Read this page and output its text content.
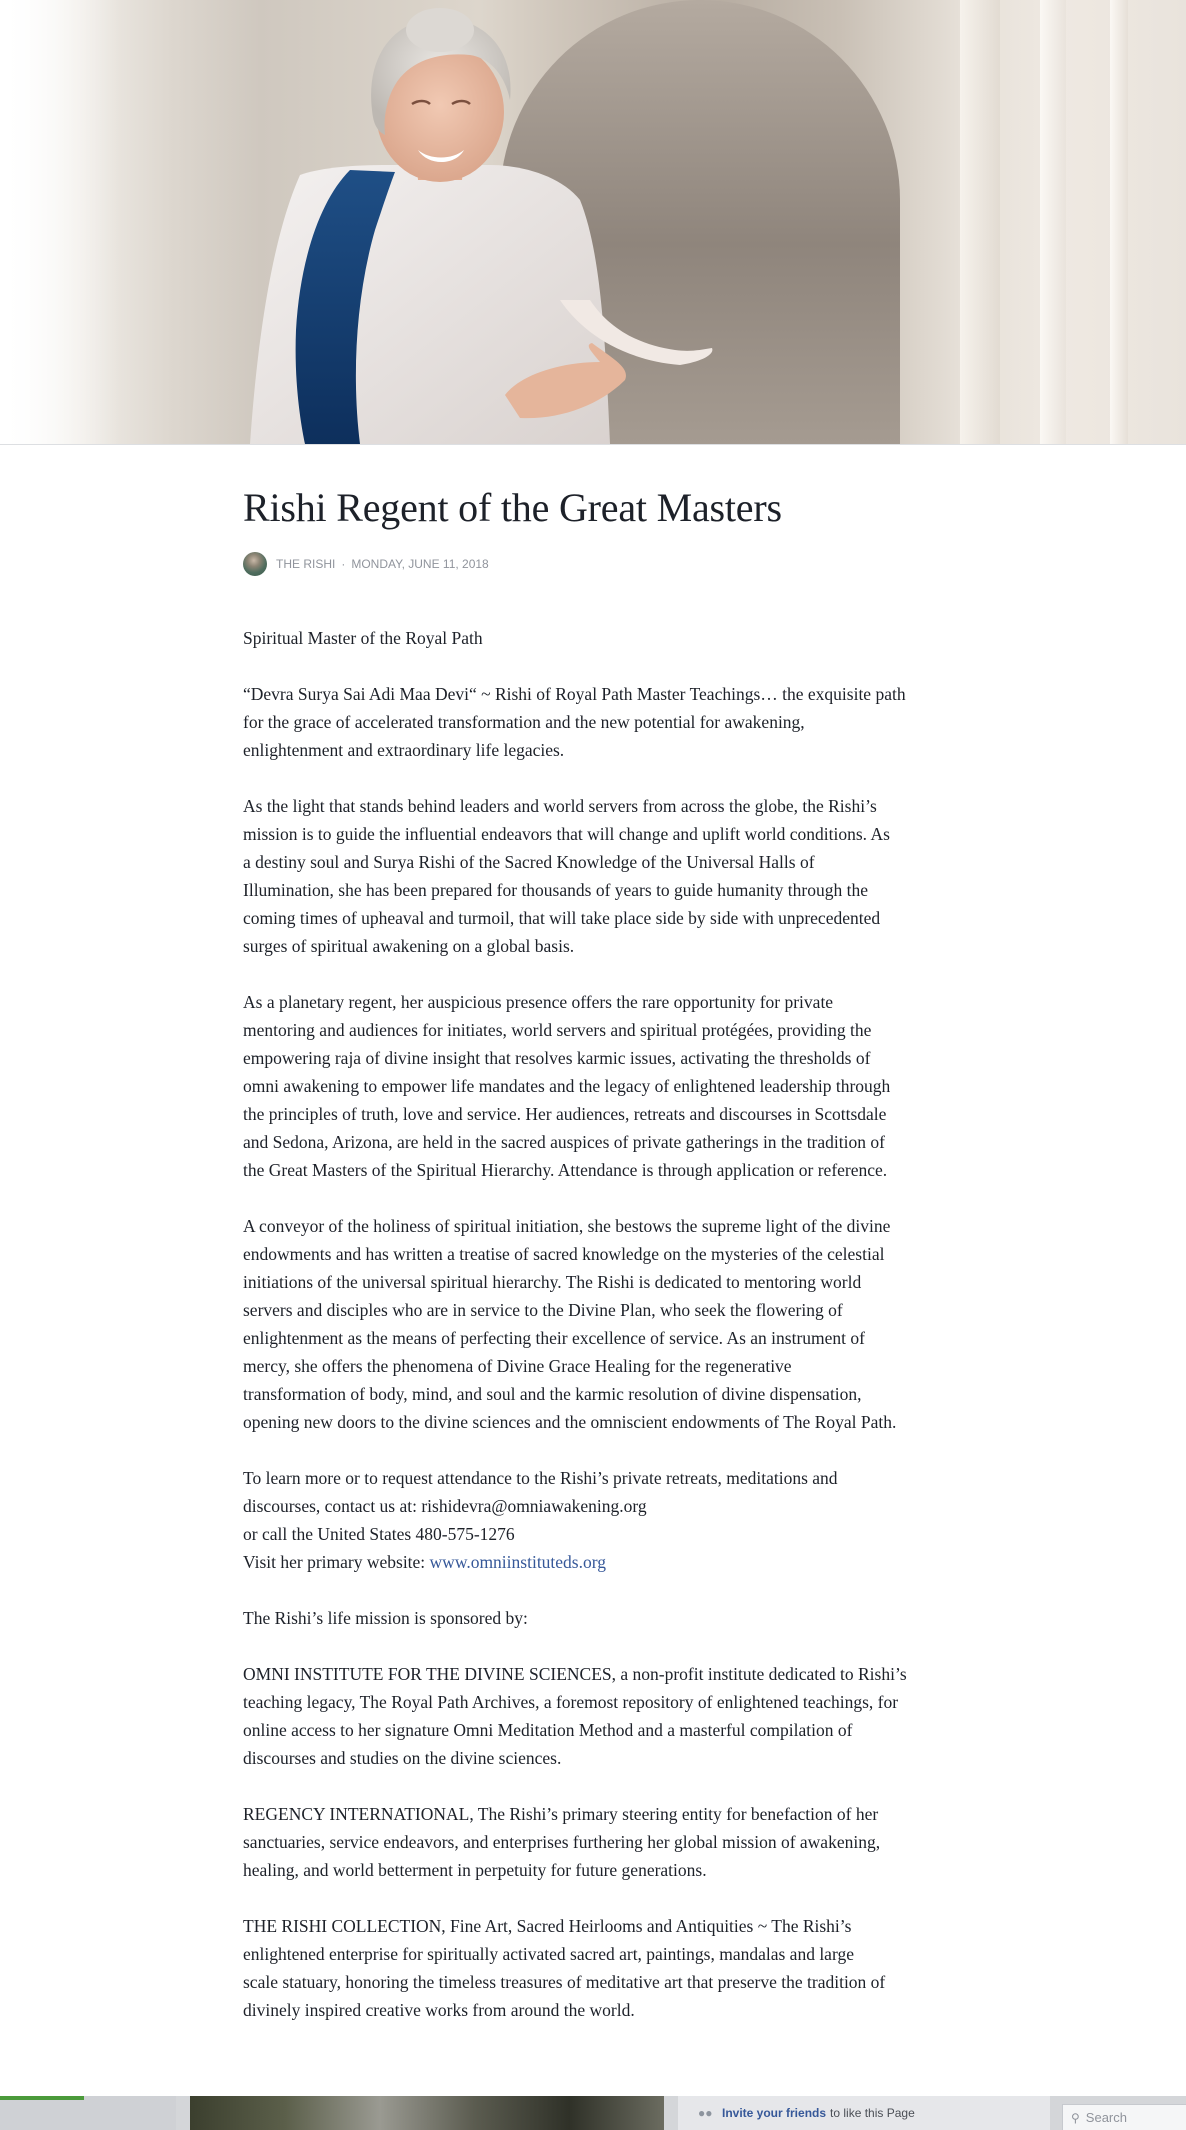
Rishi Regent of the Great Masters
THE RISHI · MONDAY, JUNE 11, 2018

Spiritual Master of the Royal Path

“Devra Surya Sai Adi Maa Devi“ ~ Rishi of Royal Path Master Teachings… the exquisite path
for the grace of accelerated transformation and the new potential for awakening,
enlightenment and extraordinary life legacies.

As the light that stands behind leaders and world servers from across the globe, the Rishi’s
mission is to guide the influential endeavors that will change and uplift world conditions. As
a destiny soul and Surya Rishi of the Sacred Knowledge of the Universal Halls of
Illumination, she has been prepared for thousands of years to guide humanity through the
coming times of upheaval and turmoil, that will take place side by side with unprecedented
surges of spiritual awakening on a global basis.

As a planetary regent, her auspicious presence offers the rare opportunity for private
mentoring and audiences for initiates, world servers and spiritual protégées, providing the
empowering raja of divine insight that resolves karmic issues, activating the thresholds of
omni awakening to empower life mandates and the legacy of enlightened leadership through
the principles of truth, love and service. Her audiences, retreats and discourses in Scottsdale
and Sedona, Arizona, are held in the sacred auspices of private gatherings in the tradition of
the Great Masters of the Spiritual Hierarchy. Attendance is through application or reference.

A conveyor of the holiness of spiritual initiation, she bestows the supreme light of the divine
endowments and has written a treatise of sacred knowledge on the mysteries of the celestial
initiations of the universal spiritual hierarchy. The Rishi is dedicated to mentoring world
servers and disciples who are in service to the Divine Plan, who seek the flowering of
enlightenment as the means of perfecting their excellence of service. As an instrument of
mercy, she offers the phenomena of Divine Grace Healing for the regenerative
transformation of body, mind, and soul and the karmic resolution of divine dispensation,
opening new doors to the divine sciences and the omniscient endowments of The Royal Path.

To learn more or to request attendance to the Rishi’s private retreats, meditations and
discourses, contact us at: rishidevra@omniawakening.org
or call the United States 480-575-1276
Visit her primary website: www.omniinstituteds.org

The Rishi’s life mission is sponsored by:

OMNI INSTITUTE FOR THE DIVINE SCIENCES, a non-profit institute dedicated to Rishi’s
teaching legacy, The Royal Path Archives, a foremost repository of enlightened teachings, for
online access to her signature Omni Meditation Method and a masterful compilation of
discourses and studies on the divine sciences.

REGENCY INTERNATIONAL, The Rishi’s primary steering entity for benefaction of her
sanctuaries, service endeavors, and enterprises furthering her global mission of awakening,
healing, and world betterment in perpetuity for future generations.

THE RISHI COLLECTION, Fine Art, Sacred Heirlooms and Antiquities ~ The Rishi’s
enlightened enterprise for spiritually activated sacred art, paintings, mandalas and large
scale statuary, honoring the timeless treasures of meditative art that preserve the tradition of
divinely inspired creative works from around the world.

●● Invite your friends to like this Page	⚲ Search
